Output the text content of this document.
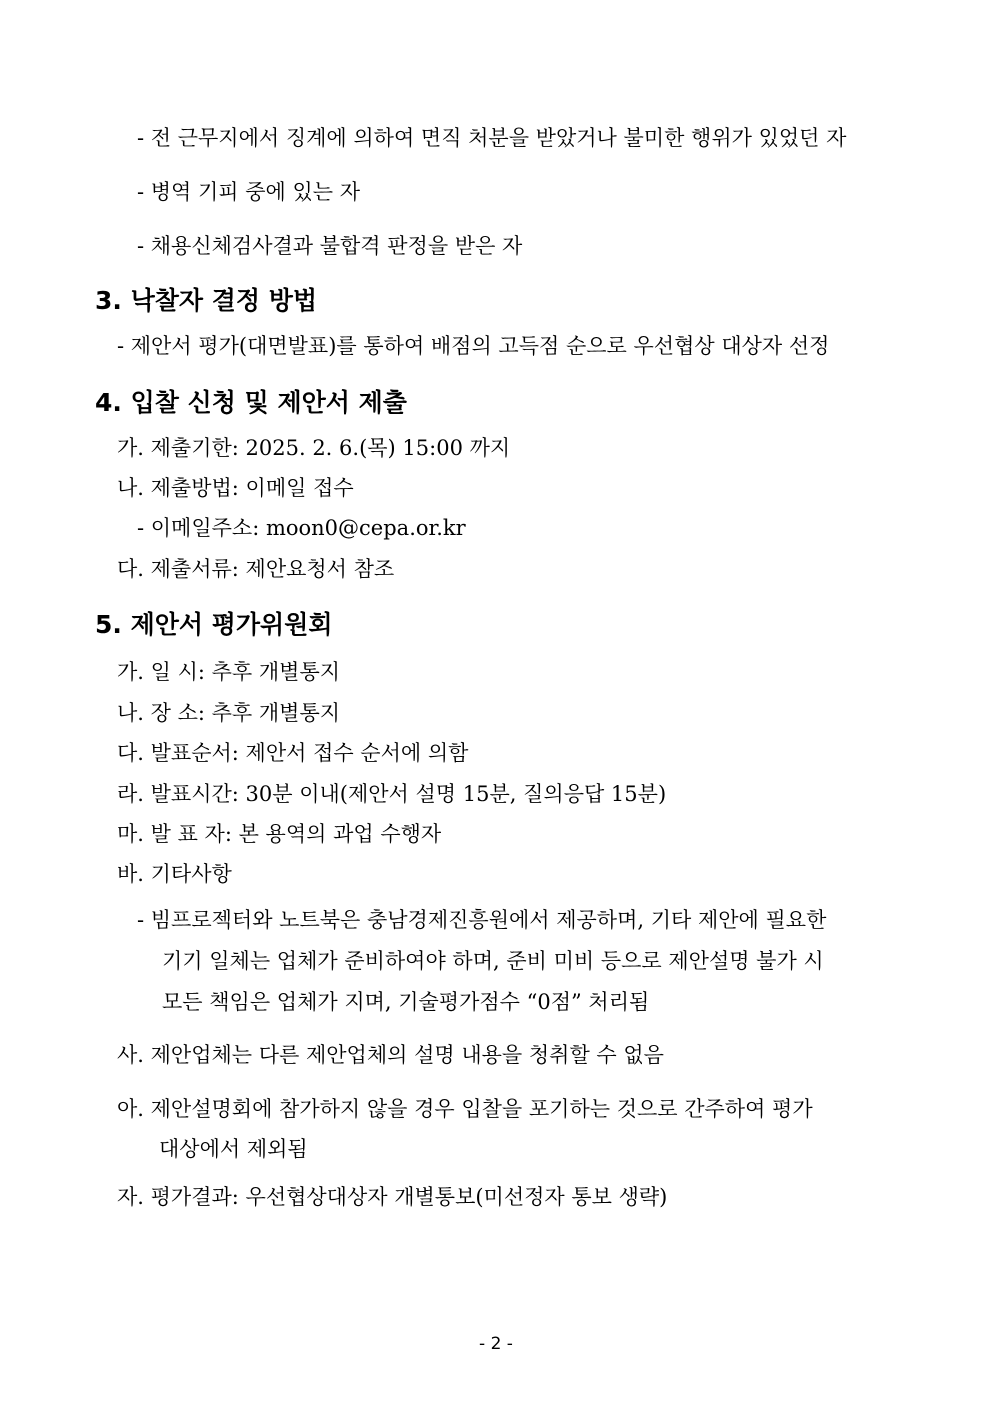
- 전 근무지에서 징계에 의하여 면직 처분을 받았거나 불미한 행위가 있었던 자
- 병역 기피 중에 있는 자
- 채용신체검사결과 불합격 판정을 받은 자
3. 낙찰자 결정 방법
- 제안서 평가(대면발표)를 통하여 배점의 고득점 순으로 우선협상 대상자 선정
4. 입찰 신청 및 제안서 제출
가. 제출기한: 2025. 2. 6.(목) 15:00 까지
나. 제출방법: 이메일 접수
- 이메일주소: moon0@cepa.or.kr
다. 제출서류: 제안요청서 참조
5. 제안서 평가위원회
가. 일 시: 추후 개별통지
나. 장 소: 추후 개별통지
다. 발표순서: 제안서 접수 순서에 의함
라. 발표시간: 30분 이내(제안서 설명 15분, 질의응답 15분)
마. 발 표 자: 본 용역의 과업 수행자
바. 기타사항
- 빔프로젝터와 노트북은 충남경제진흥원에서 제공하며, 기타 제안에 필요한
기기 일체는 업체가 준비하여야 하며, 준비 미비 등으로 제안설명 불가 시
모든 책임은 업체가 지며, 기술평가점수 “0점” 처리됨
사. 제안업체는 다른 제안업체의 설명 내용을 청취할 수 없음
아. 제안설명회에 참가하지 않을 경우 입찰을 포기하는 것으로 간주하여 평가
대상에서 제외됨
자. 평가결과: 우선협상대상자 개별통보(미선정자 통보 생략)
- 2 -
